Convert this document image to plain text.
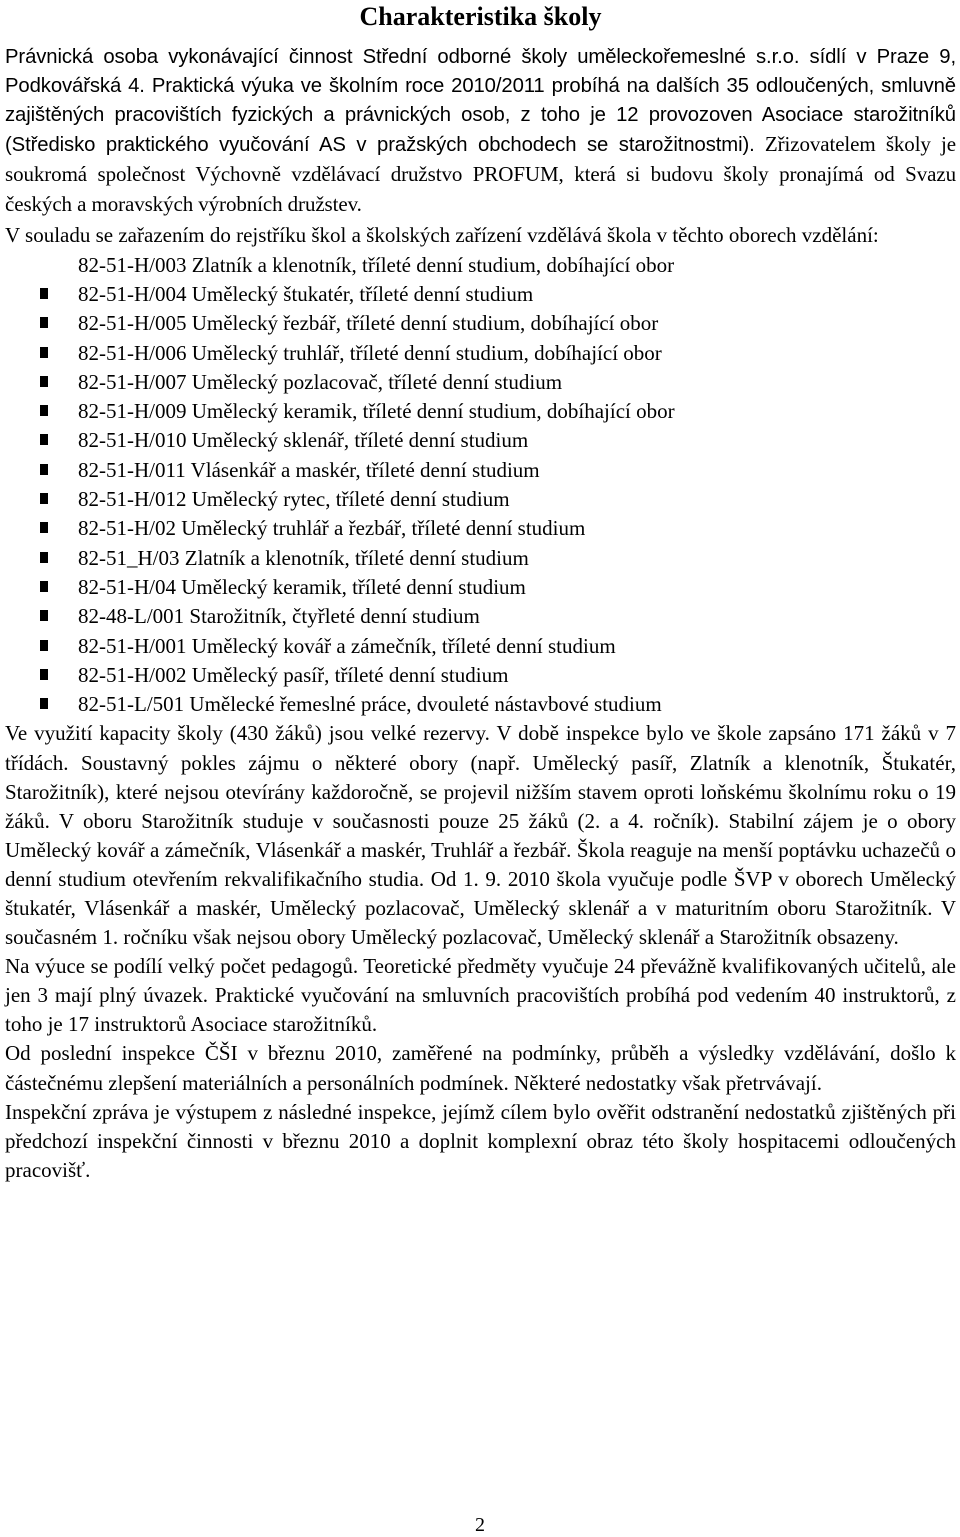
Charakteristika školy

Právnická osoba vykonávající činnost Střední odborné školy uměleckořemeslné s.r.o. sídlí v Praze 9, Podkovářská 4. Praktická výuka ve školním roce 2010/2011 probíhá na dalších 35 odloučených, smluvně zajištěných pracovištích fyzických a právnických osob, z toho je 12 provozoven Asociace starožitníků (Středisko praktického vyučování AS v pražských obchodech se starožitnostmi). Zřizovatelem školy je soukromá společnost Výchovně vzdělávací družstvo PROFUM, která si budovu školy pronajímá od Svazu českých a moravských výrobních družstev.

V souladu se zařazením do rejstříku škol a školských zařízení vzdělává škola v těchto oborech vzdělání:

82-51-H/003 Zlatník a klenotník, tříleté denní studium, dobíhající obor
82-51-H/004 Umělecký štukatér, tříleté denní studium
82-51-H/005 Umělecký řezbář, tříleté denní studium, dobíhající obor
82-51-H/006 Umělecký truhlář, tříleté denní studium, dobíhající obor
82-51-H/007 Umělecký pozlacovač, tříleté denní studium
82-51-H/009 Umělecký keramik, tříleté denní studium, dobíhající obor
82-51-H/010 Umělecký sklenář, tříleté denní studium
82-51-H/011 Vlásenkář a maskér, tříleté denní studium
82-51-H/012 Umělecký rytec, tříleté denní studium
82-51-H/02 Umělecký truhlář a řezbář, tříleté denní studium
82-51_H/03 Zlatník a klenotník, tříleté denní studium
82-51-H/04 Umělecký keramik, tříleté denní studium
82-48-L/001 Starožitník, čtyřleté denní studium
82-51-H/001 Umělecký kovář a zámečník, tříleté denní studium
82-51-H/002 Umělecký pasíř, tříleté denní studium
82-51-L/501 Umělecké řemeslné práce, dvouleté nástavbové studium

Ve využití kapacity školy (430 žáků) jsou velké rezervy. V době inspekce bylo ve škole zapsáno 171 žáků v 7 třídách. Soustavný pokles zájmu o některé obory (např. Umělecký pasíř, Zlatník a klenotník, Štukatér, Starožitník), které nejsou otevírány každoročně, se projevil nižším stavem oproti loňskému školnímu roku o 19 žáků. V oboru Starožitník studuje v současnosti pouze 25 žáků (2. a 4. ročník). Stabilní zájem je o obory Umělecký kovář a zámečník, Vlásenkář a maskér, Truhlář a řezbář. Škola reaguje na menší poptávku uchazečů o denní studium otevřením rekvalifikačního studia. Od 1. 9. 2010 škola vyučuje podle ŠVP v oborech Umělecký štukatér, Vlásenkář a maskér, Umělecký pozlacovač, Umělecký sklenář a v maturitním oboru Starožitník. V současném 1. ročníku však nejsou obory Umělecký pozlacovač, Umělecký sklenář a Starožitník obsazeny.

Na výuce se podílí velký počet pedagogů. Teoretické předměty vyučuje 24 převážně kvalifikovaných učitelů, ale jen 3 mají plný úvazek. Praktické vyučování na smluvních pracovištích probíhá pod vedením 40 instruktorů, z toho je 17 instruktorů Asociace starožitníků.

Od poslední inspekce ČŠI v březnu 2010, zaměřené na podmínky, průběh a výsledky vzdělávání, došlo k částečnému zlepšení materiálních a personálních podmínek. Některé nedostatky však přetrvávají.

Inspekční zpráva je výstupem z následné inspekce, jejímž cílem bylo ověřit odstranění nedostatků zjištěných při předchozí inspekční činnosti v březnu 2010 a doplnit komplexní obraz této školy hospitacemi odloučených pracovišť.

2
